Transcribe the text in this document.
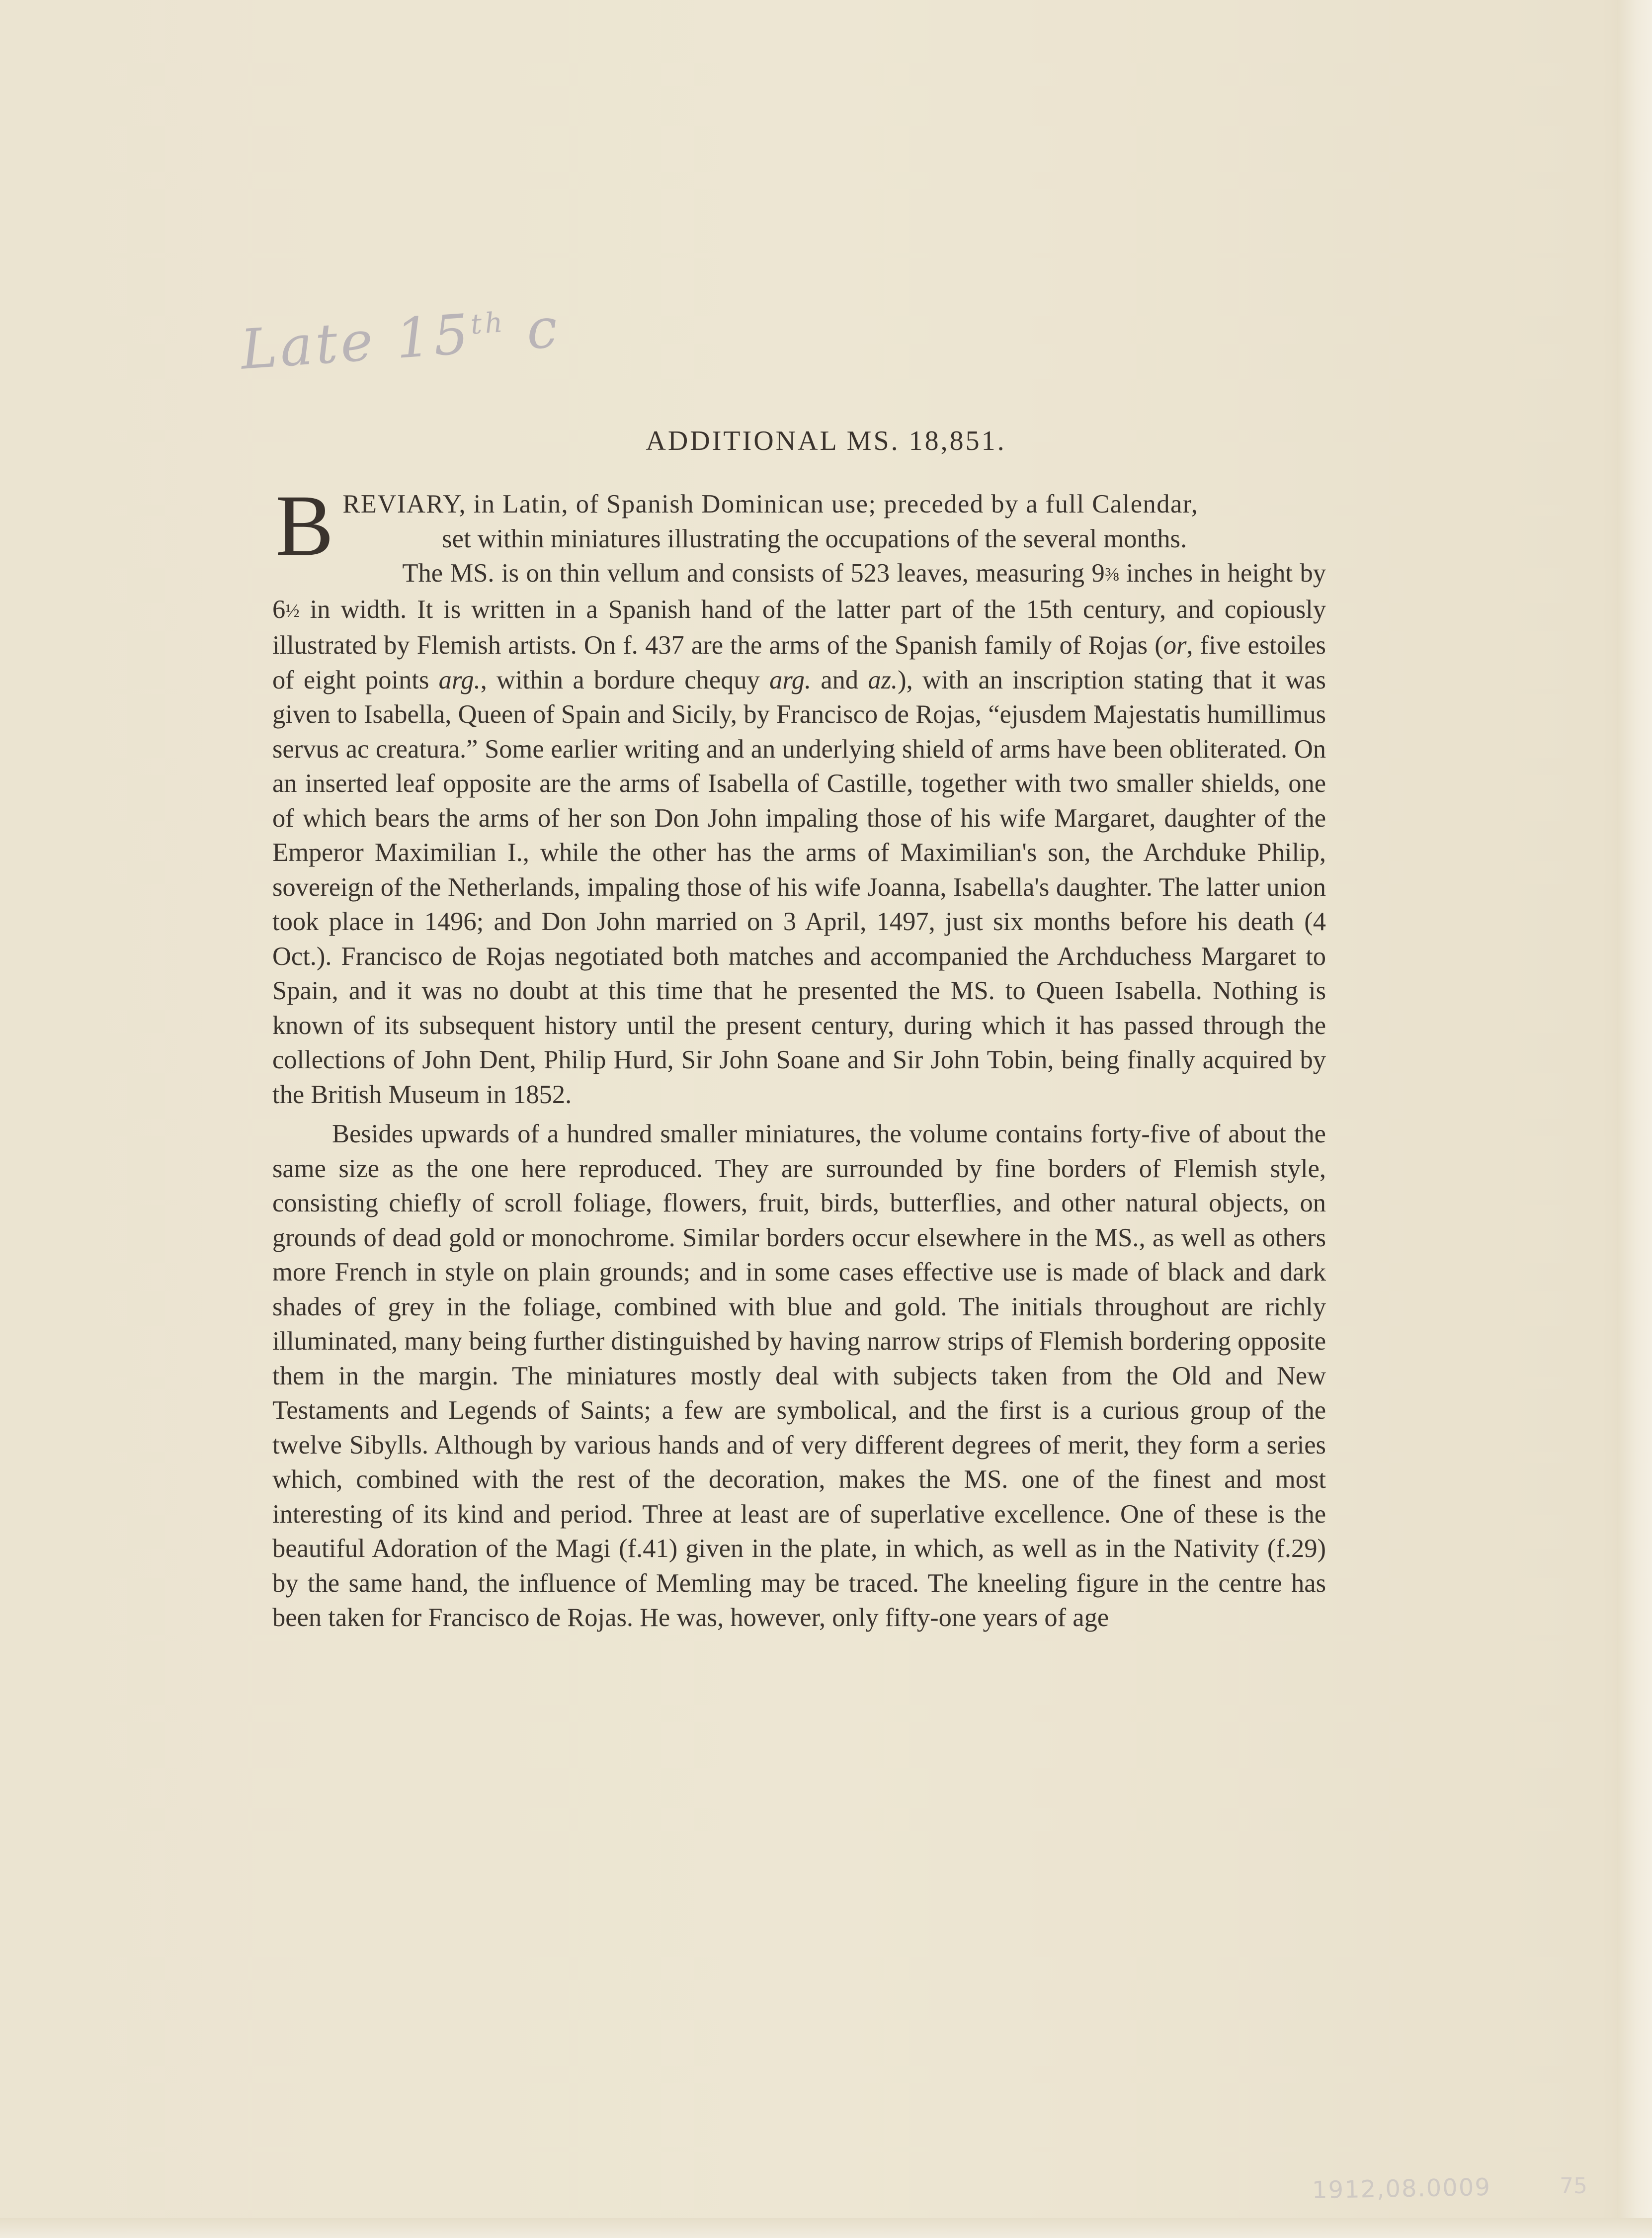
Late 15th c
ADDITIONAL MS. 18,851.

B REVIARY, in Latin, of Spanish Dominican use; preceded by a full Calendar,
set within miniatures illustrating the occupations of the several months.

The MS. is on thin vellum and consists of 523 leaves, measuring 9⅜ inches in height by 6½ in width. It is written in a Spanish hand of the latter part of the 15th century, and copiously illustrated by Flemish artists. On f. 437 are the arms of the Spanish family of Rojas (or, five estoiles of eight points arg., within a bordure chequy arg. and az.), with an inscription stating that it was given to Isabella, Queen of Spain and Sicily, by Francisco de Rojas, “ejusdem Majestatis humillimus servus ac creatura.” Some earlier writing and an underlying shield of arms have been obliterated. On an inserted leaf opposite are the arms of Isabella of Castille, together with two smaller shields, one of which bears the arms of her son Don John impaling those of his wife Margaret, daughter of the Emperor Maximilian I., while the other has the arms of Maximilian's son, the Archduke Philip, sovereign of the Netherlands, impaling those of his wife Joanna, Isabella's daughter. The latter union took place in 1496; and Don John married on 3 April, 1497, just six months before his death (4 Oct.). Francisco de Rojas negotiated both matches and accompanied the Archduchess Margaret to Spain, and it was no doubt at this time that he presented the MS. to Queen Isabella. Nothing is known of its subsequent history until the present century, during which it has passed through the collections of John Dent, Philip Hurd, Sir John Soane and Sir John Tobin, being finally acquired by the British Museum in 1852.

Besides upwards of a hundred smaller miniatures, the volume contains forty-five of about the same size as the one here reproduced. They are surrounded by fine borders of Flemish style, consisting chiefly of scroll foliage, flowers, fruit, birds, butterflies, and other natural objects, on grounds of dead gold or monochrome. Similar borders occur elsewhere in the MS., as well as others more French in style on plain grounds; and in some cases effective use is made of black and dark shades of grey in the foliage, combined with blue and gold. The initials throughout are richly illuminated, many being further distinguished by having narrow strips of Flemish bordering opposite them in the margin. The miniatures mostly deal with subjects taken from the Old and New Testaments and Legends of Saints; a few are symbolical, and the first is a curious group of the twelve Sibylls. Although by various hands and of very different degrees of merit, they form a series which, combined with the rest of the decoration, makes the MS. one of the finest and most interesting of its kind and period. Three at least are of superlative excellence. One of these is the beautiful Adoration of the Magi (f.41) given in the plate, in which, as well as in the Nativity (f.29) by the same hand, the influence of Memling may be traced. The kneeling figure in the centre has been taken for Francisco de Rojas. He was, however, only fifty-one years of age

1912,08.0009	75
